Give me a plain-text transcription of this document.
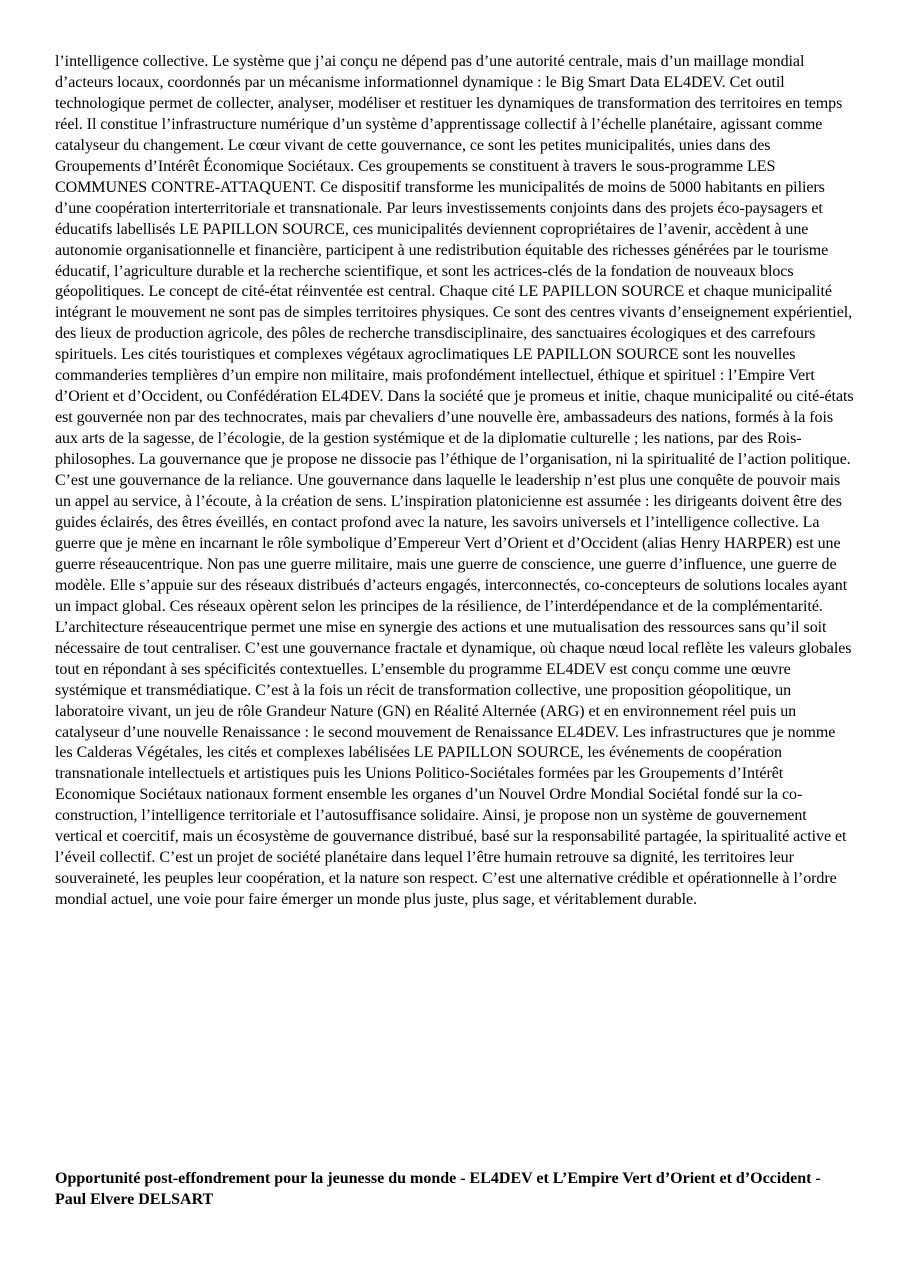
l’intelligence collective. Le système que j’ai conçu ne dépend pas d’une autorité centrale, mais d’un maillage mondial d’acteurs locaux, coordonnés par un mécanisme informationnel dynamique : le Big Smart Data EL4DEV. Cet outil technologique permet de collecter, analyser, modéliser et restituer les dynamiques de transformation des territoires en temps réel. Il constitue l’infrastructure numérique d’un système d’apprentissage collectif à l’échelle planétaire, agissant comme catalyseur du changement. Le cœur vivant de cette gouvernance, ce sont les petites municipalités, unies dans des Groupements d’Intérêt Économique Sociétaux. Ces groupements se constituent à travers le sous-programme LES COMMUNES CONTRE-ATTAQUENT. Ce dispositif transforme les municipalités de moins de 5000 habitants en piliers d’une coopération interterritoriale et transnationale. Par leurs investissements conjoints dans des projets éco-paysagers et éducatifs labellisés LE PAPILLON SOURCE, ces municipalités deviennent copropriétaires de l’avenir, accèdent à une autonomie organisationnelle et financière, participent à une redistribution équitable des richesses générées par le tourisme éducatif, l’agriculture durable et la recherche scientifique, et sont les actrices-clés de la fondation de nouveaux blocs géopolitiques. Le concept de cité-état réinventée est central. Chaque cité LE PAPILLON SOURCE et chaque municipalité intégrant le mouvement ne sont pas de simples territoires physiques. Ce sont des centres vivants d’enseignement expérientiel, des lieux de production agricole, des pôles de recherche transdisciplinaire, des sanctuaires écologiques et des carrefours spirituels. Les cités touristiques et complexes végétaux agroclimatiques LE PAPILLON SOURCE sont les nouvelles commanderies templières d’un empire non militaire, mais profondément intellectuel, éthique et spirituel : l’Empire Vert d’Orient et d’Occident, ou Confédération EL4DEV. Dans la société que je promeus et initie, chaque municipalité ou cité-états est gouvernée non par des technocrates, mais par chevaliers d’une nouvelle ère, ambassadeurs des nations, formés à la fois aux arts de la sagesse, de l’écologie, de la gestion systémique et de la diplomatie culturelle ; les nations, par des Rois-philosophes. La gouvernance que je propose ne dissocie pas l’éthique de l’organisation, ni la spiritualité de l’action politique. C’est une gouvernance de la reliance. Une gouvernance dans laquelle le leadership n’est plus une conquête de pouvoir mais un appel au service, à l’écoute, à la création de sens. L’inspiration platonicienne est assumée : les dirigeants doivent être des guides éclairés, des êtres éveillés, en contact profond avec la nature, les savoirs universels et l’intelligence collective. La guerre que je mène en incarnant le rôle symbolique d’Empereur Vert d’Orient et d’Occident (alias Henry HARPER) est une guerre réseaucentrique. Non pas une guerre militaire, mais une guerre de conscience, une guerre d’influence, une guerre de modèle. Elle s’appuie sur des réseaux distribués d’acteurs engagés, interconnectés, co-concepteurs de solutions locales ayant un impact global. Ces réseaux opèrent selon les principes de la résilience, de l’interdépendance et de la complémentarité. L’architecture réseaucentrique permet une mise en synergie des actions et une mutualisation des ressources sans qu’il soit nécessaire de tout centraliser. C’est une gouvernance fractale et dynamique, où chaque nœud local reflète les valeurs globales tout en répondant à ses spécificités contextuelles. L’ensemble du programme EL4DEV est conçu comme une œuvre systémique et transmédiatique. C’est à la fois un récit de transformation collective, une proposition géopolitique, un laboratoire vivant, un jeu de rôle Grandeur Nature (GN) en Réalité Alternée (ARG) et en environnement réel puis un catalyseur d’une nouvelle Renaissance : le second mouvement de Renaissance EL4DEV. Les infrastructures que je nomme les Calderas Végétales, les cités et complexes labélisées LE PAPILLON SOURCE, les événements de coopération transnationale intellectuels et artistiques puis les Unions Politico-Sociétales formées par les Groupements d’Intérêt Economique Sociétaux nationaux forment ensemble les organes d’un Nouvel Ordre Mondial Sociétal fondé sur la co-construction, l’intelligence territoriale et l’autosuffisance solidaire. Ainsi, je propose non un système de gouvernement vertical et coercitif, mais un écosystème de gouvernance distribué, basé sur la responsabilité partagée, la spiritualité active et l’éveil collectif. C’est un projet de société planétaire dans lequel l’être humain retrouve sa dignité, les territoires leur souveraineté, les peuples leur coopération, et la nature son respect. C’est une alternative crédible et opérationnelle à l’ordre mondial actuel, une voie pour faire émerger un monde plus juste, plus sage, et véritablement durable.

Opportunité post-effondrement pour la jeunesse du monde - EL4DEV et L’Empire Vert d’Orient et d’Occident - Paul Elvere DELSART
